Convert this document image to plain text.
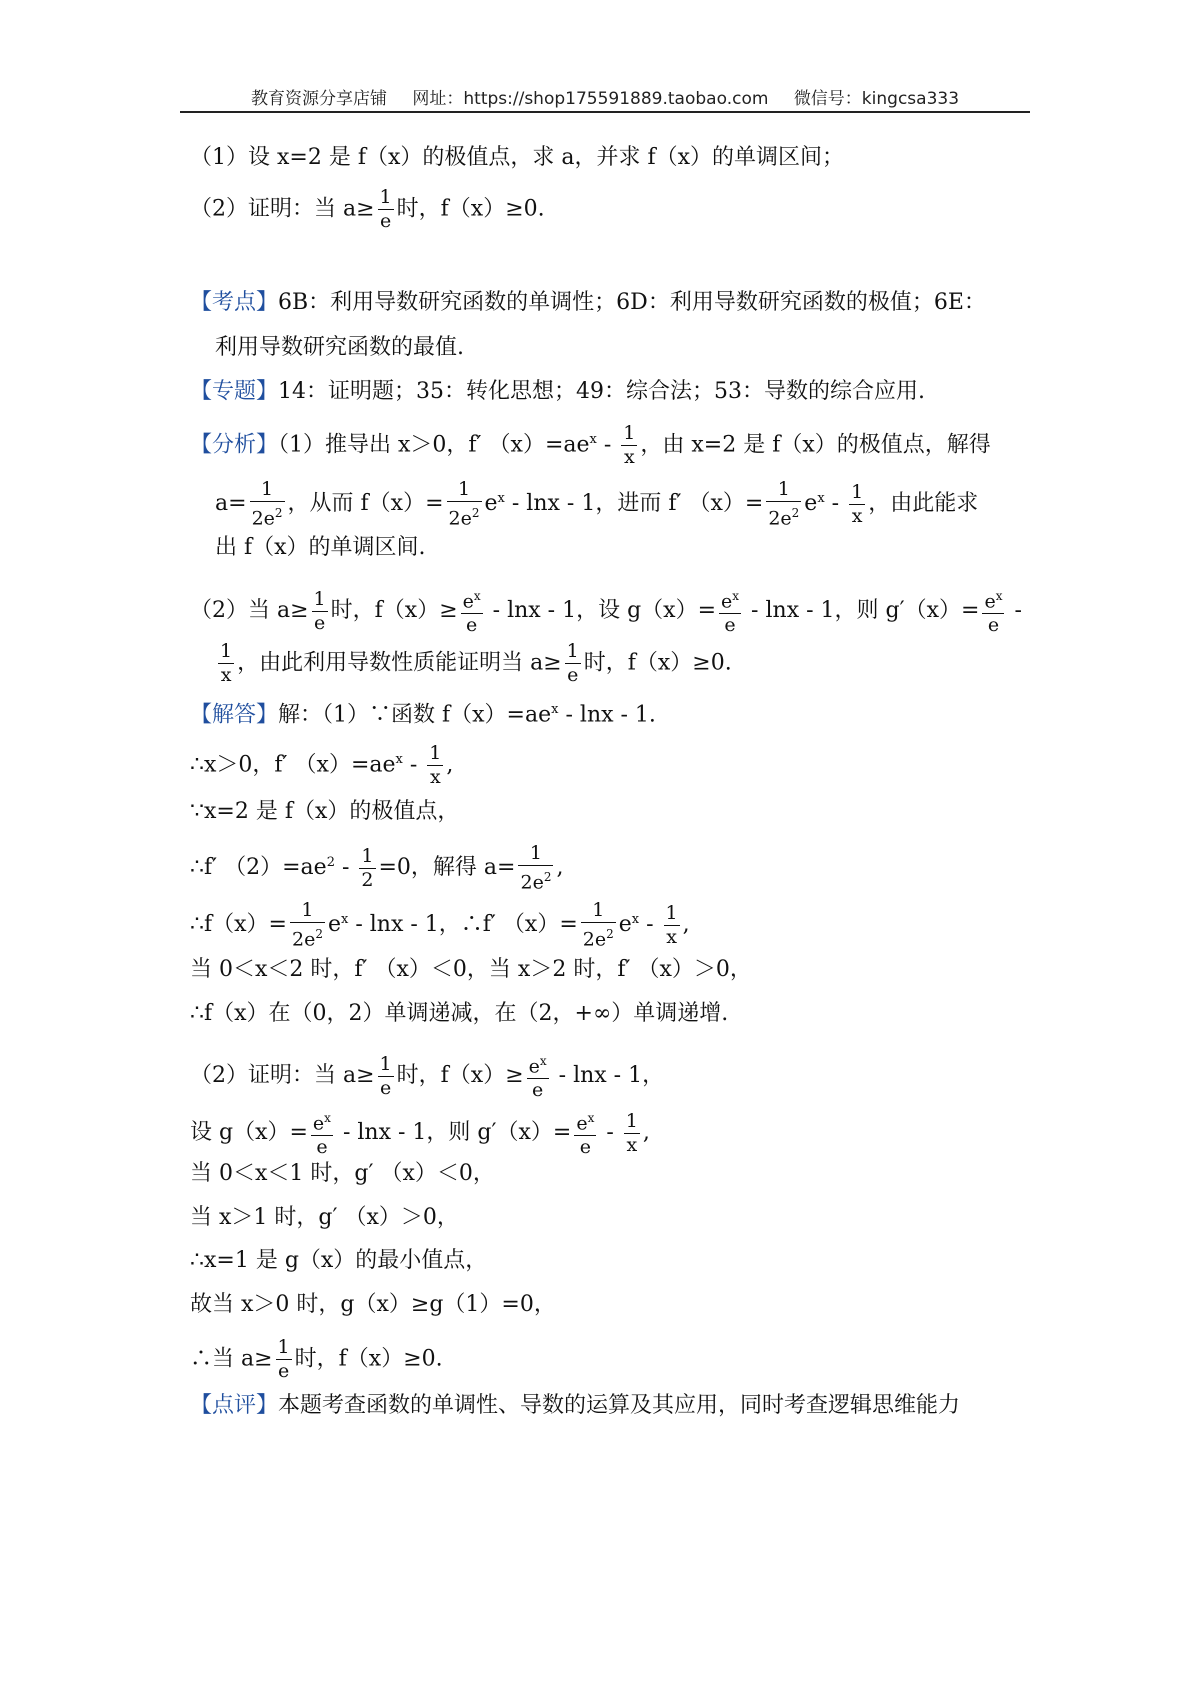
教育资源分享店铺 网址：https://shop175591889.taobao.com 微信号：kingcsa333
（1）设 x=2 是 f（x）的极值点，求 a，并求 f（x）的单调区间；
（2）证明：当 $a\ge \frac{1}{e}$ 时，f（x）≥0.
【考点】6B：利用导数研究函数的单调性；6D：利用导数研究函数的极值；6E：
利用导数研究函数的最值.
【专题】14：证明题；35：转化思想；49：综合法；53：导数的综合应用.
【分析】（1）推导出 x＞0，f′ $(x)=ae^x - \frac{1}{x}$ ，由 x=2 是 f（x）的极值点，解得
$a= \frac{1}{2e^2}$ ，从而 $f(x)= \frac{1}{2e^2} e^x - \ln x - 1$，进而 f′ $(x)= \frac{1}{2e^2} e^x - \frac{1}{x}$ ，由此能求
出 f（x）的单调区间.
（2）当 $a\ge \frac{1}{e}$ 时，$f(x)\ge \frac{e^x}{e} - \ln x - 1$，设 $g(x)= \frac{e^x}{e} - \ln x - 1$，则 $g'(x)= \frac{e^x}{e}$ -
$\frac{1}{x}$ ，由此利用导数性质能证明当 $a\ge \frac{1}{e}$ 时，f（x）≥0.
【解答】解：（1）∵函数 $f(x)=ae^x - \ln x - 1$.
∴x＞0，f′ $(x)=ae^x - \frac{1}{x}$ ,
∵x=2 是 f（x）的极值点，
∴f′ $(2)=ae^2 - \frac{1}{2} =0$，解得 $a= \frac{1}{2e^2}$ ,
∴f（x）= $\frac{1}{2e^2} e^x$ - lnx - 1，∴f′ $(x)= \frac{1}{2e^2} e^x - \frac{1}{x}$ ,
当 0＜x＜2 时，f′ （x）＜0，当 x＞2 时，f′ （x）＞0，
∴f（x）在（0，2）单调递减，在（2，+∞）单调递增.
（2）证明：当 $a\ge \frac{1}{e}$ 时，$f(x)\ge \frac{e^x}{e} - \ln x - 1$，
设 $g(x)= \frac{e^x}{e} - \ln x - 1$，则 $g'(x)= \frac{e^x}{e} - \frac{1}{x}$ ,
当 0＜x＜1 时，g′ （x）＜0，
当 x＞1 时，g′ （x）＞0，
∴x=1 是 g（x）的最小值点，
故当 x＞0 时，g（x）≥g（1）=0，
∴当 $a\ge \frac{1}{e}$ 时，f（x）≥0.
【点评】本题考查函数的单调性、导数的运算及其应用，同时考查逻辑思维能力
